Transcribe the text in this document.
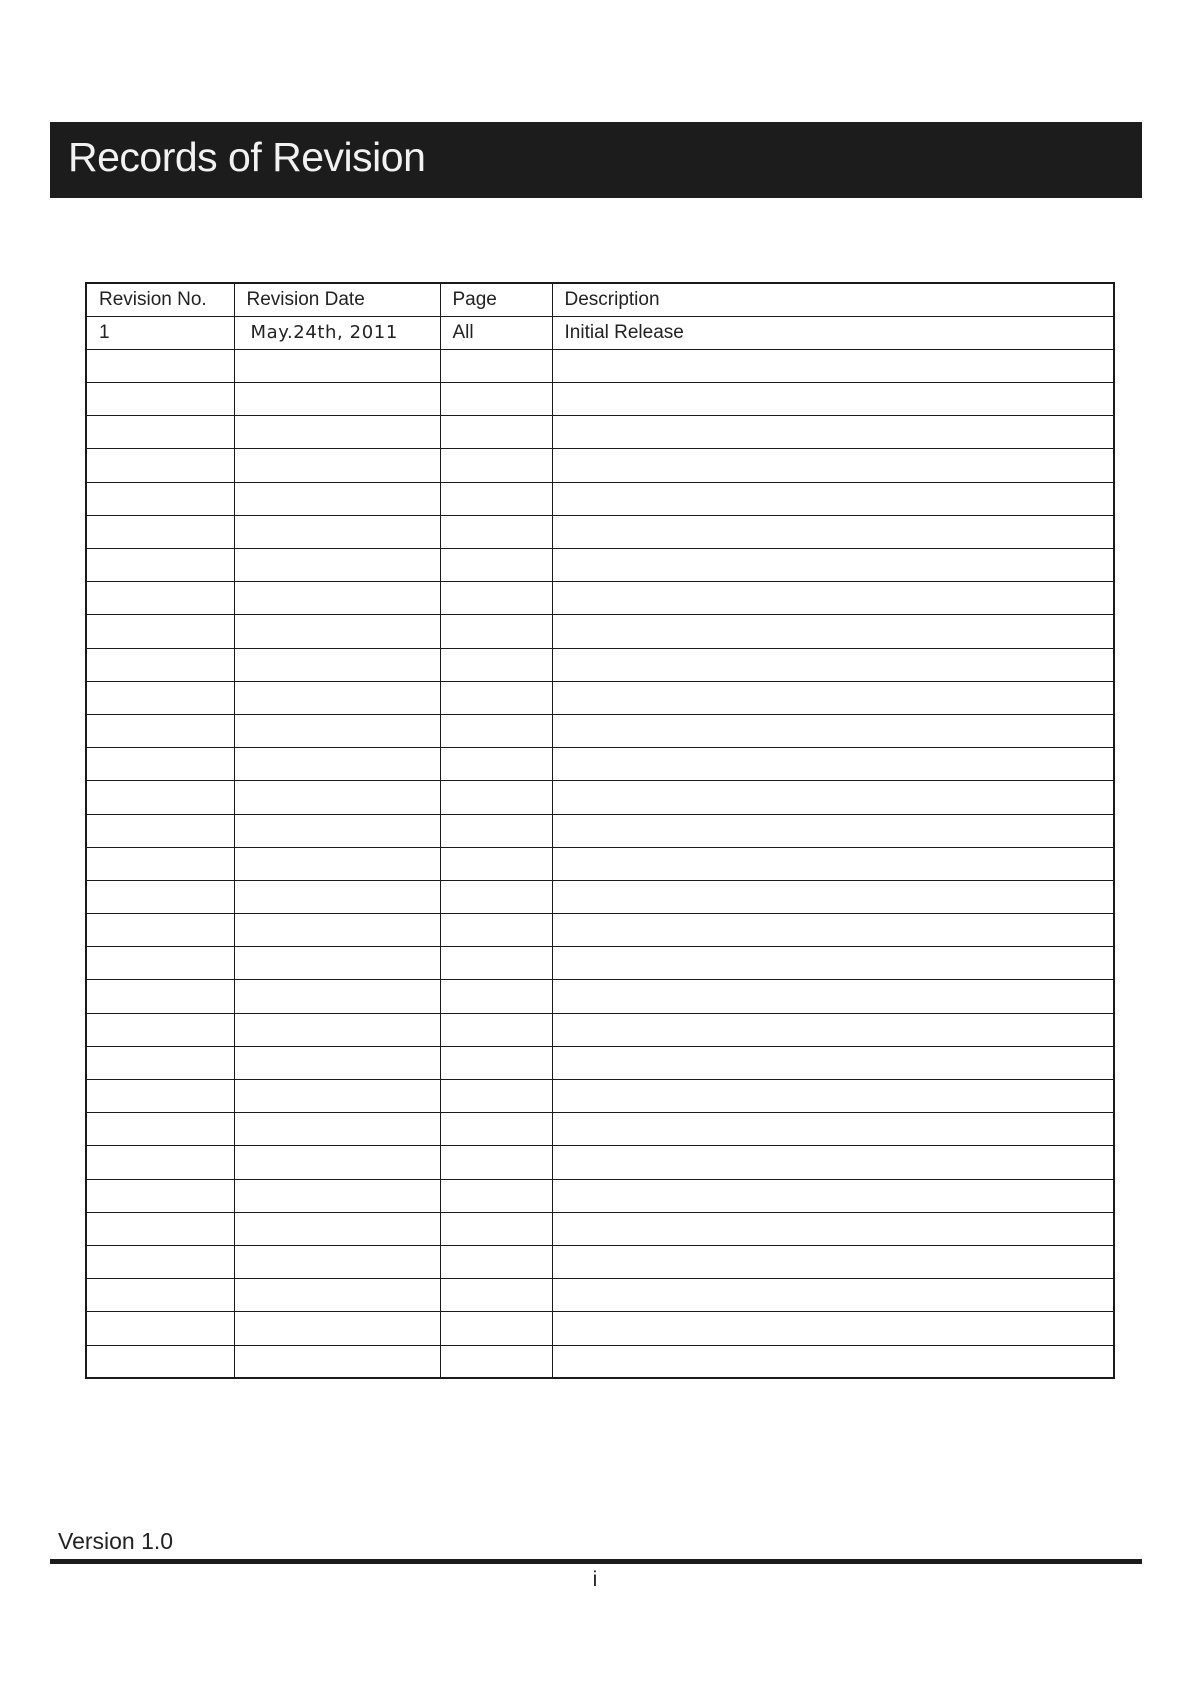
Records of Revision
Revision No.	Revision Date	Page	Description
1	May.24th, 2011	All	Initial Release

Version 1.0
i
